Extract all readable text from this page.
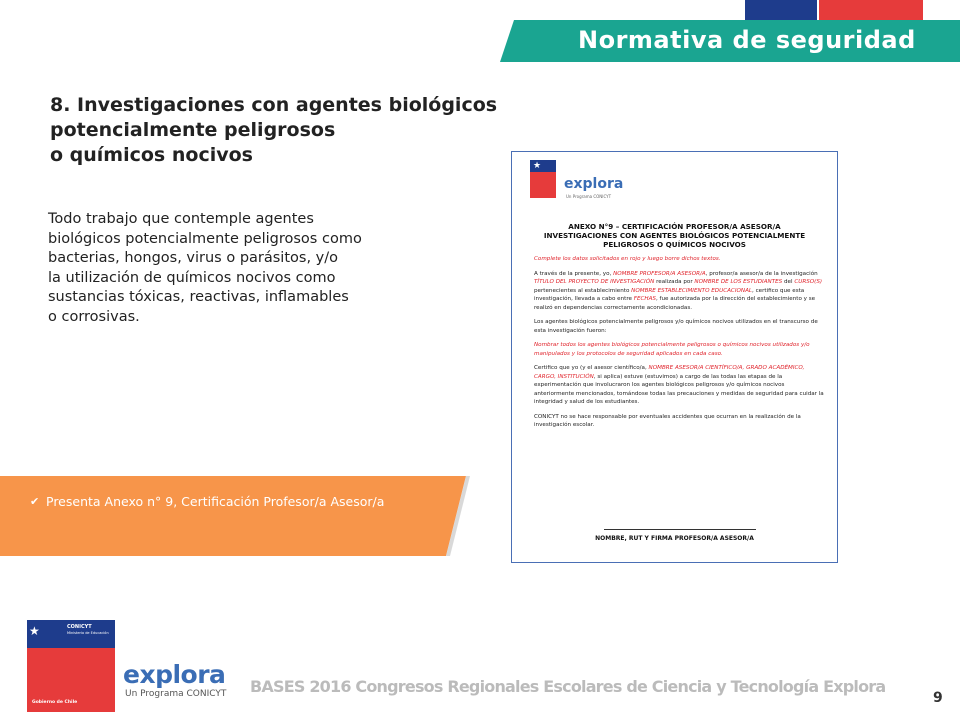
Normativa de seguridad
8. Investigaciones con agentes biológicos
potencialmente peligrosos
o químicos nocivos
Todo trabajo que contemple agentes
biológicos potencialmente peligrosos como
bacterias, hongos, virus o parásitos, y/o
la utilización de químicos nocivos como
sustancias tóxicas, reactivas, inflamables
o corrosivas.
✔ Presenta Anexo n° 9, Certificación Profesor/a Asesor/a
★
explora
Un Programa CONICYT
ANEXO N°9 – CERTIFICACIÓN PROFESOR/A ASESOR/A
INVESTIGACIONES CON AGENTES BIOLÓGICOS POTENCIALMENTE
PELIGROSOS O QUÍMICOS NOCIVOS

Complete los datos solicitados en rojo y luego borre dichos textos.

A través de la presente, yo, NOMBRE PROFESOR/A ASESOR/A, profesor/a asesor/a de la investigación TÍTULO DEL PROYECTO DE INVESTIGACIÓN realizada por NOMBRE DE LOS ESTUDIANTES del CURSO(S) pertenecientes al establecimiento NOMBRE ESTABLECIMIENTO EDUCACIONAL, certifico que esta investigación, llevada a cabo entre FECHAS, fue autorizada por la dirección del establecimiento y se realizó en dependencias correctamente acondicionadas.

Los agentes biológicos potencialmente peligrosos y/o químicos nocivos utilizados en el transcurso de esta investigación fueron:

Nombrar todos los agentes biológicos potencialmente peligrosos o químicos nocivos utilizados y/o manipulados y los protocolos de seguridad aplicados en cada caso.

Certifico que yo (y el asesor científico/a, NOMBRE ASESOR/A CIENTÍFICO/A, GRADO ACADÉMICO, CARGO, INSTITUCIÓN, si aplica) estuve (estuvimos) a cargo de las todas las etapas de la experimentación que involucraron los agentes biológicos peligrosos y/o químicos nocivos anteriormente mencionados, tomándose todas las precauciones y medidas de seguridad para cuidar la integridad y salud de los estudiantes.

CONICYT no se hace responsable por eventuales accidentes que ocurran en la realización de la investigación escolar.

NOMBRE, RUT Y FIRMA PROFESOR/A ASESOR/A
★	CONICYT
Ministerio de Educación
Gobierno de Chile
explora
Un Programa CONICYT BASES 2016 Congresos Regionales Escolares de Ciencia y Tecnología Explora
9
